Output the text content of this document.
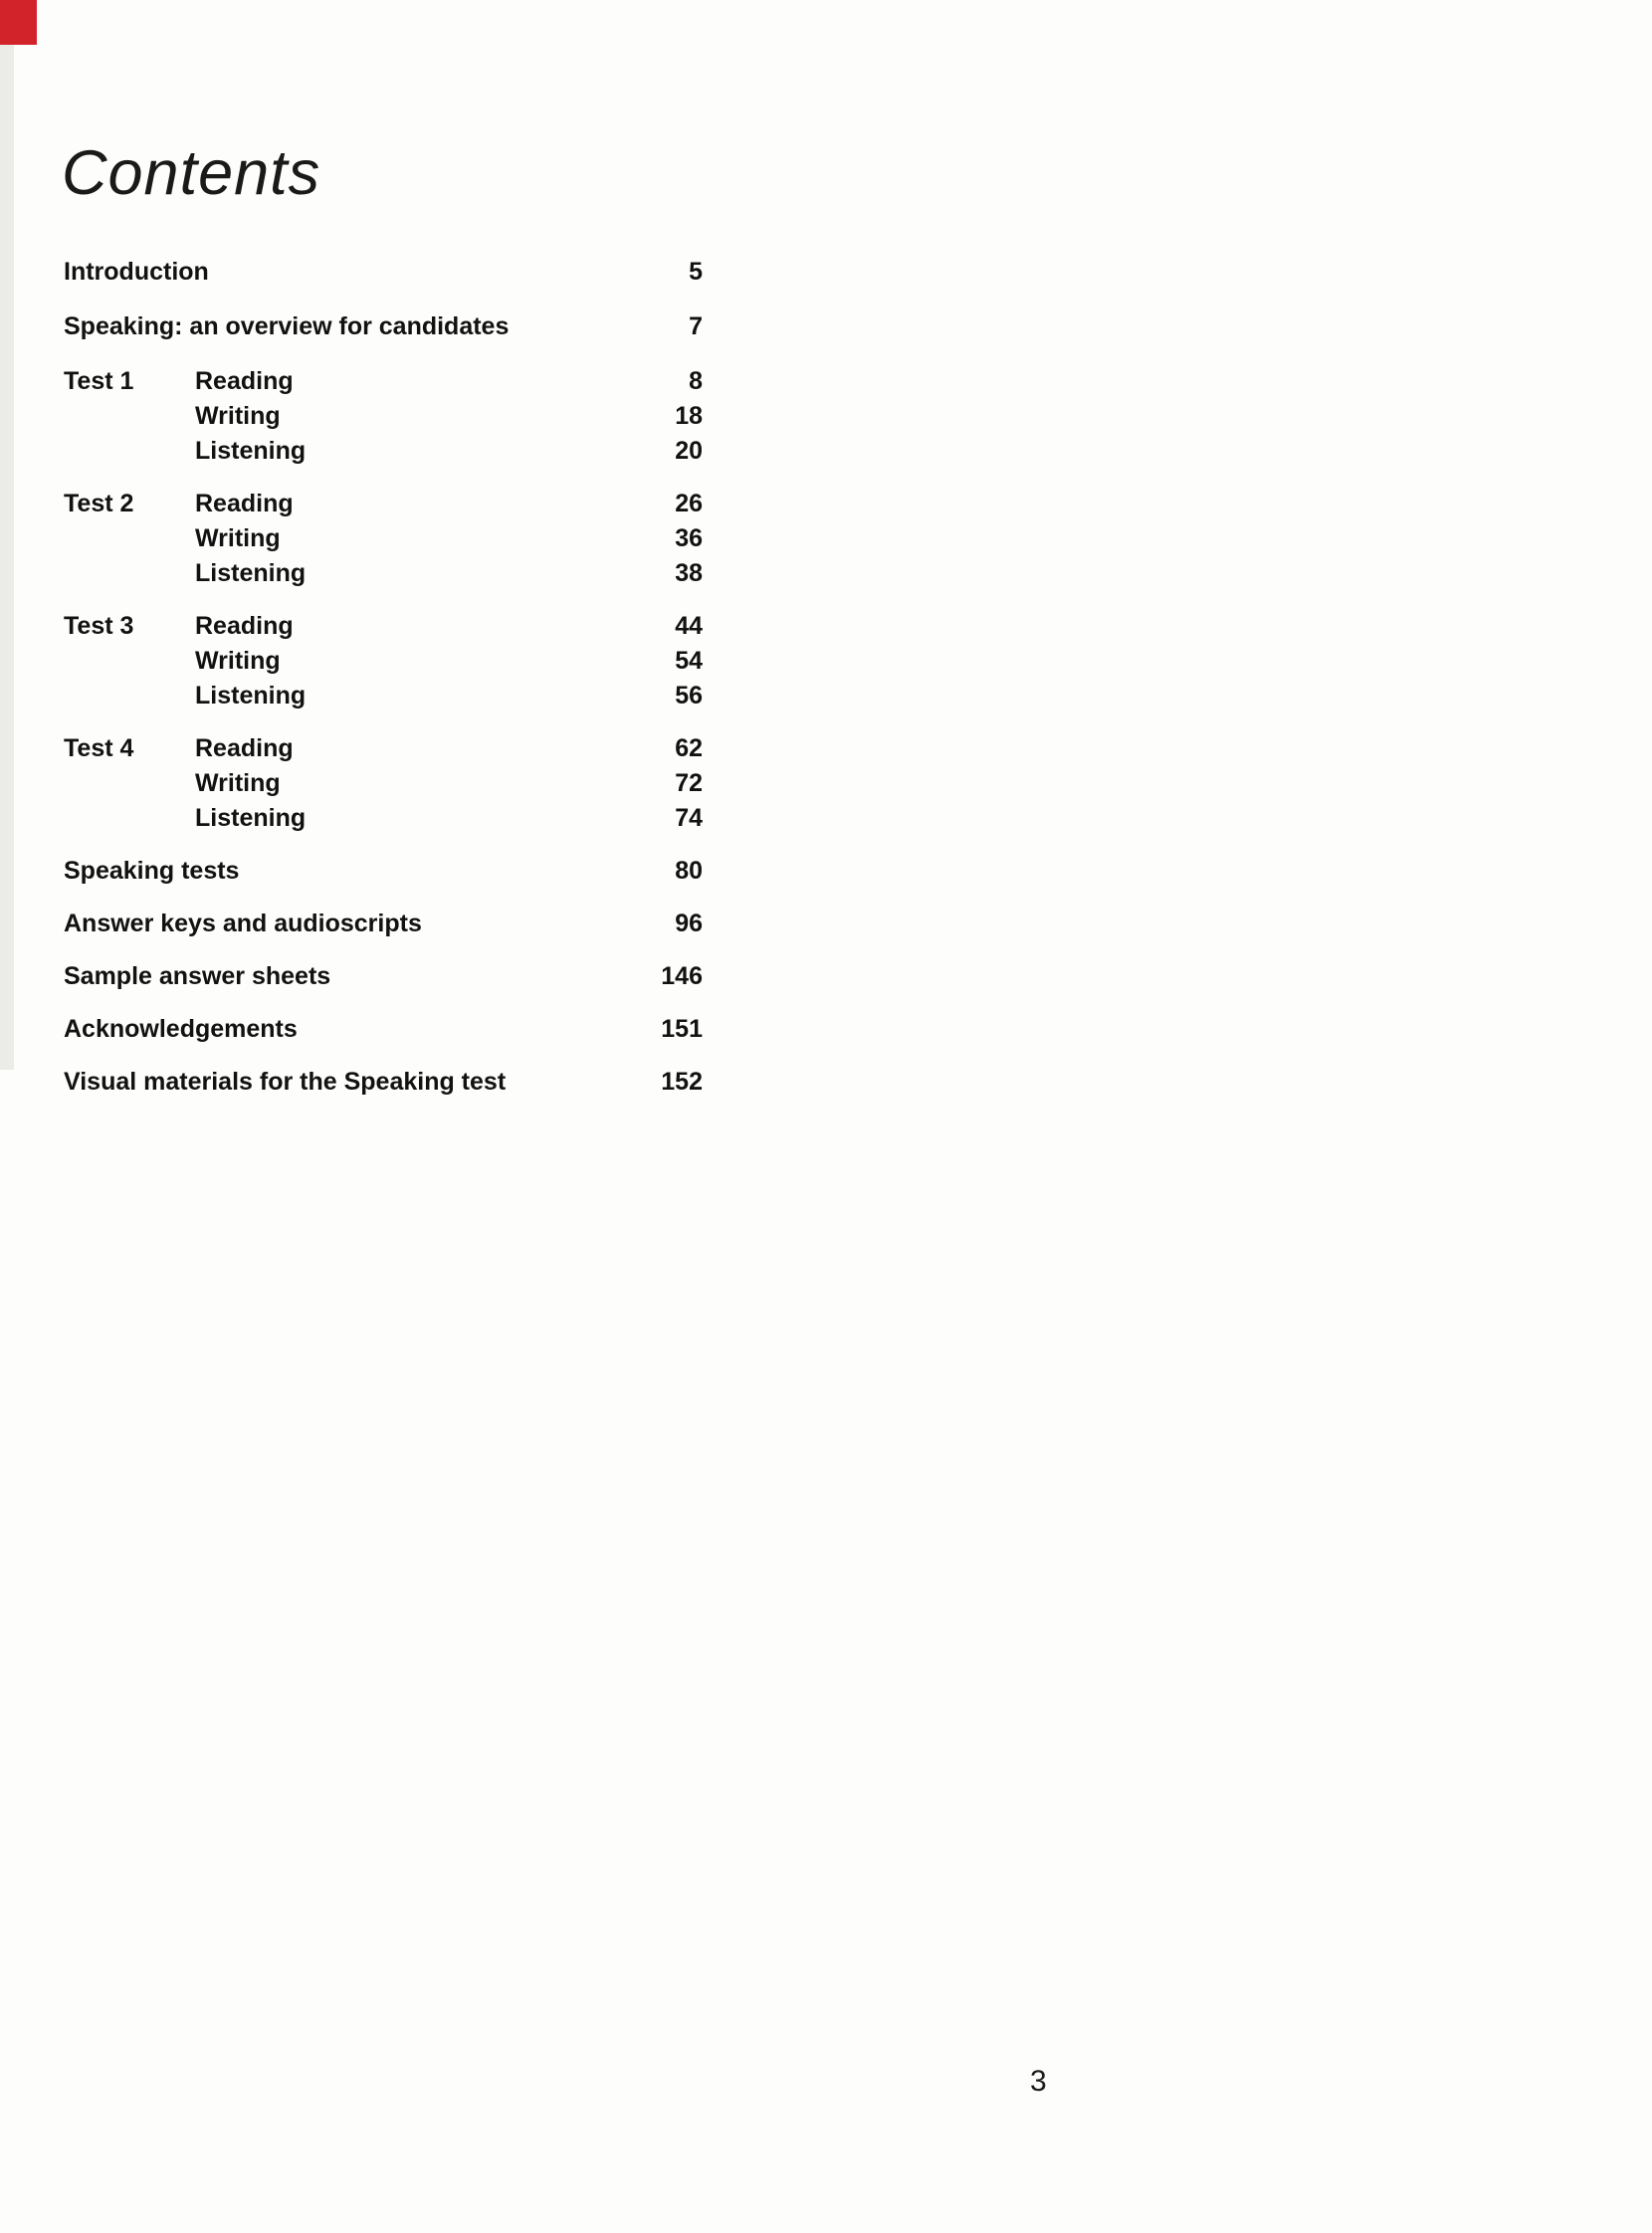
Contents
Introduction	5
Speaking: an overview for candidates	7
Test 1 Reading	8
Writing	18
Listening	20
Test 2 Reading	26
Writing	36
Listening	38
Test 3 Reading	44
Writing	54
Listening	56
Test 4 Reading	62
Writing	72
Listening	74
Speaking tests	80
Answer keys and audioscripts	96
Sample answer sheets	146
Acknowledgements	151
Visual materials for the Speaking test	152
3
